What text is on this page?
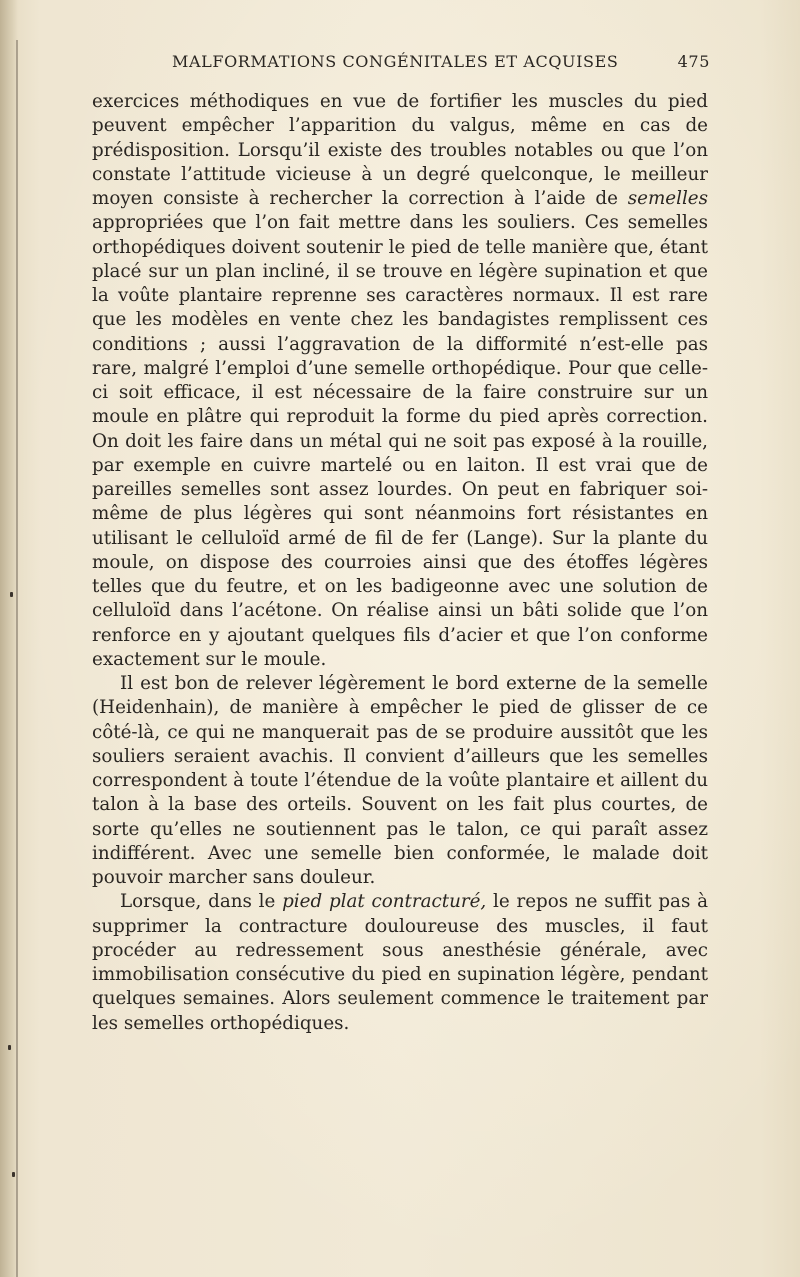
MALFORMATIONS CONGÉNITALES ET ACQUISES	475

exercices méthodiques en vue de fortifier les muscles du pied peuvent empêcher l’apparition du valgus, même en cas de prédisposition. Lorsqu’il existe des troubles notables ou que l’on constate l’attitude vicieuse à un degré quelconque, le meilleur moyen consiste à rechercher la correction à l’aide de semelles appropriées que l’on fait mettre dans les souliers. Ces semelles orthopédiques doivent soutenir le pied de telle manière que, étant placé sur un plan incliné, il se trouve en légère supination et que la voûte plantaire reprenne ses caractères normaux. Il est rare que les modèles en vente chez les bandagistes remplissent ces conditions ; aussi l’aggravation de la difformité n’est-elle pas rare, malgré l’emploi d’une semelle orthopédique. Pour que celle-ci soit efficace, il est nécessaire de la faire construire sur un moule en plâtre qui reproduit la forme du pied après correction. On doit les faire dans un métal qui ne soit pas exposé à la rouille, par exemple en cuivre martelé ou en laiton. Il est vrai que de pareilles semelles sont assez lourdes. On peut en fabriquer soi-même de plus légères qui sont néanmoins fort résistantes en utilisant le celluloïd armé de fil de fer (Lange). Sur la plante du moule, on dispose des courroies ainsi que des étoffes légères telles que du feutre, et on les badigeonne avec une solution de celluloïd dans l’acétone. On réalise ainsi un bâti solide que l’on renforce en y ajoutant quelques fils d’acier et que l’on conforme exactement sur le moule.

Il est bon de relever légèrement le bord externe de la semelle (Heidenhain), de manière à empêcher le pied de glisser de ce côté-là, ce qui ne manquerait pas de se produire aussitôt que les souliers seraient avachis. Il convient d’ailleurs que les semelles correspondent à toute l’étendue de la voûte plantaire et aillent du talon à la base des orteils. Souvent on les fait plus courtes, de sorte qu’elles ne soutiennent pas le talon, ce qui paraît assez indifférent. Avec une semelle bien conformée, le malade doit pouvoir marcher sans douleur.

Lorsque, dans le pied plat contracturé, le repos ne suffit pas à supprimer la contracture douloureuse des muscles, il faut procéder au redressement sous anesthésie générale, avec immobilisation consécutive du pied en supination légère, pendant quelques semaines. Alors seulement commence le traitement par les semelles orthopédiques.
